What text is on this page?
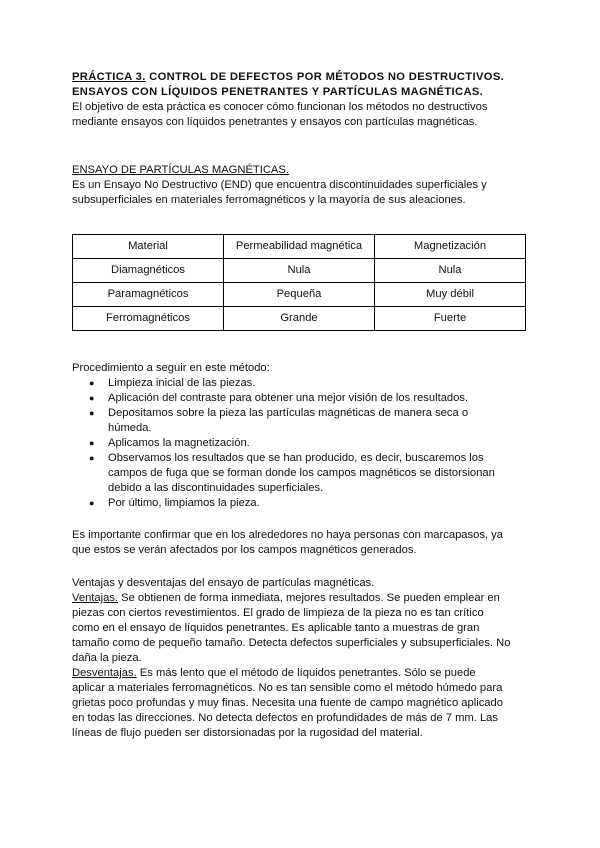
PRÁCTICA 3. CONTROL DE DEFECTOS POR MÉTODOS NO DESTRUCTIVOS.
ENSAYOS CON LÍQUIDOS PENETRANTES Y PARTÍCULAS MAGNÉTICAS.
El objetivo de esta práctica es conocer cómo funcionan los métodos no destructivos
mediante ensayos con líquidos penetrantes y ensayos con partículas magnéticas.
ENSAYO DE PARTÍCULAS MAGNÉTICAS.
Es un Ensayo No Destructivo (END) que encuentra discontinuidades superficiales y
subsuperficiales en materiales ferromagnéticos y la mayoría de sus aleaciones.
Material	Permeabilidad magnética	Magnetización
Diamagnéticos	Nula	Nula
Paramagnéticos	Pequeña	Muy débil
Ferromagnéticos	Grande	Fuerte
Procedimiento a seguir en este método:
● Limpieza inicial de las piezas.
● Aplicación del contraste para obtener una mejor visión de los resultados.
● Depositamos sobre la pieza las partículas magnéticas de manera seca o
húmeda.
● Aplicamos la magnetización.
● Observamos los resultados que se han producido, es decir, buscaremos los
campos de fuga que se forman donde los campos magnéticos se distorsionan
debido a las discontinuidades superficiales.
● Por último, limpiamos la pieza.
Es importante confirmar que en los alrededores no haya personas con marcapasos, ya
que estos se verán afectados por los campos magnéticos generados.
Ventajas y desventajas del ensayo de partículas magnéticas.
Ventajas. Se obtienen de forma inmediata, mejores resultados. Se pueden emplear en
piezas con ciertos revestimientos. El grado de limpieza de la pieza no es tan crítico
como en el ensayo de líquidos penetrantes. Es aplicable tanto a muestras de gran
tamaño como de pequeño tamaño. Detecta defectos superficiales y subsuperficiales. No
daña la pieza.
Desventajas. Es más lento que el método de líquidos penetrantes. Sólo se puede
aplicar a materiales ferromagnéticos. No es tan sensible como el método húmedo para
grietas poco profundas y muy finas. Necesita una fuente de campo magnético aplicado
en todas las direcciones. No detecta defectos en profundidades de más de 7 mm. Las
líneas de flujo pueden ser distorsionadas por la rugosidad del material.
